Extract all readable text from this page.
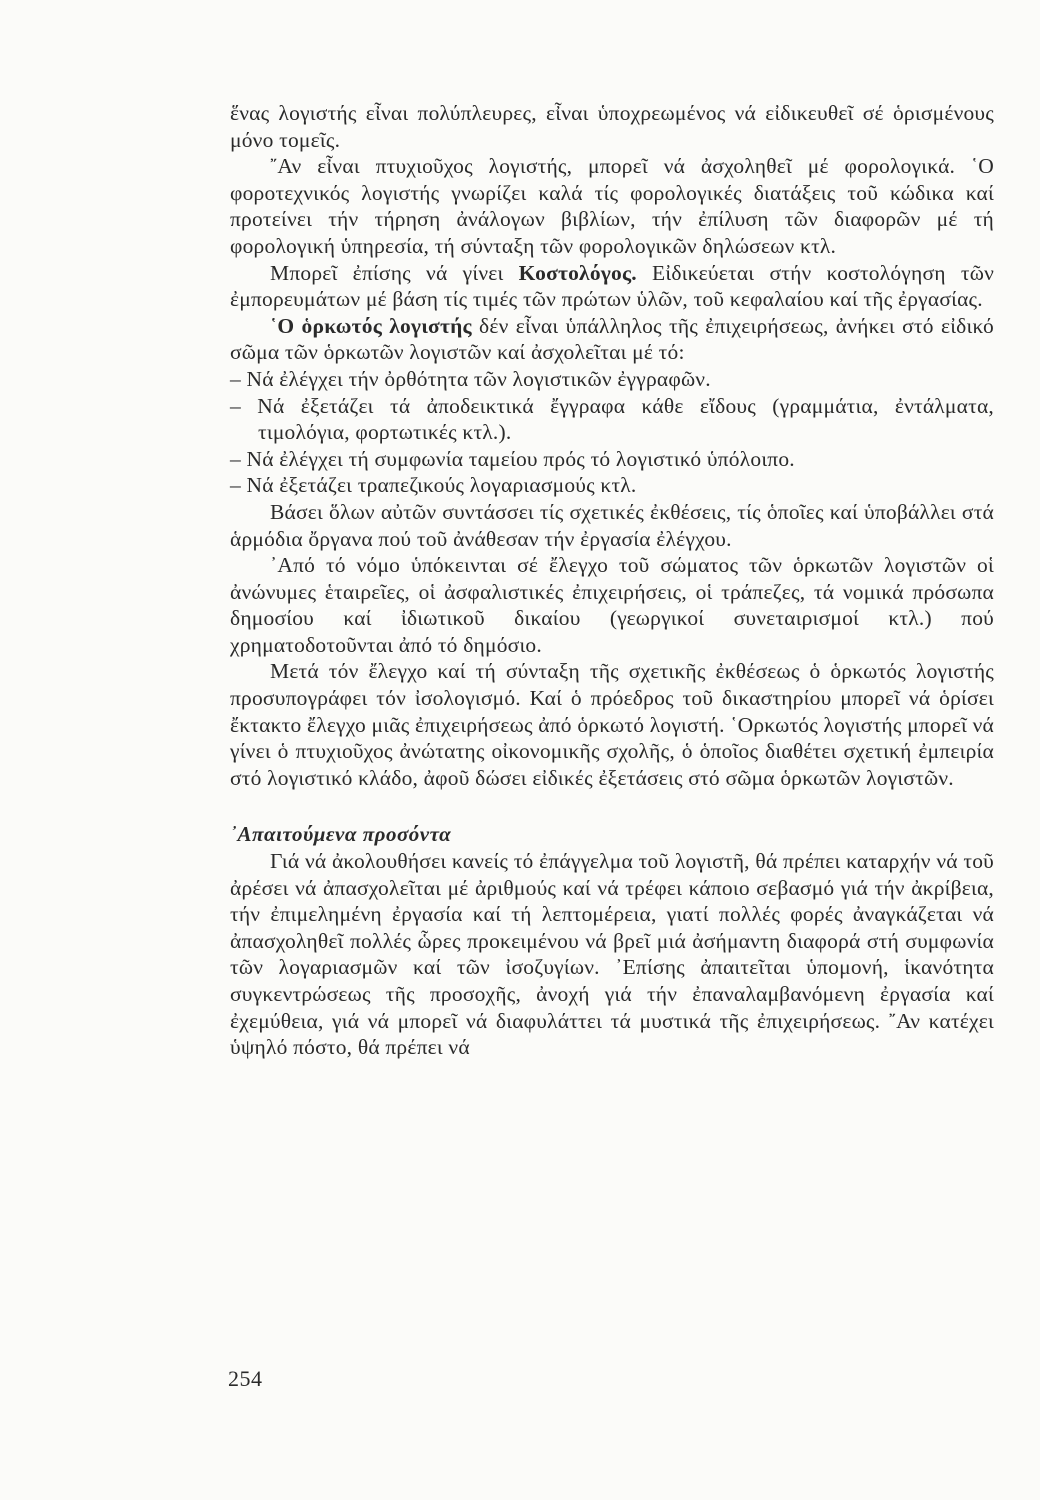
ἕνας λογιστής εἶναι πολύπλευρες, εἶναι ὑποχρεωμένος νά εἰδικευθεῖ σέ ὁρισμένους μόνο τομεῖς.

῎Αν εἶναι πτυχιοῦχος λογιστής, μπορεῖ νά ἀσχοληθεῖ μέ φορολογικά. ῾Ο φοροτεχνικός λογιστής γνωρίζει καλά τίς φορολογικές διατάξεις τοῦ κώδικα καί προτείνει τήν τήρηση ἀνάλογων βιβλίων, τήν ἐπίλυση τῶν διαφορῶν μέ τή φορολογική ὑπηρεσία, τή σύνταξη τῶν φορολογικῶν δηλώσεων κτλ.

Μπορεῖ ἐπίσης νά γίνει Κοστολόγος. Εἰδικεύεται στήν κοστολόγηση τῶν ἐμπορευμάτων μέ βάση τίς τιμές τῶν πρώτων ὑλῶν, τοῦ κεφαλαίου καί τῆς ἐργασίας.

῾Ο ὁρκωτός λογιστής δέν εἶναι ὑπάλληλος τῆς ἐπιχειρήσεως, ἀνήκει στό εἰδικό σῶμα τῶν ὁρκωτῶν λογιστῶν καί ἀσχολεῖται μέ τό:

– Νά ἐλέγχει τήν ὀρθότητα τῶν λογιστικῶν ἐγγραφῶν.

– Νά ἐξετάζει τά ἀποδεικτικά ἔγγραφα κάθε εἴδους (γραμμάτια, ἐντάλματα, τιμολόγια, φορτωτικές κτλ.).

– Νά ἐλέγχει τή συμφωνία ταμείου πρός τό λογιστικό ὑπόλοιπο.

– Νά ἐξετάζει τραπεζικούς λογαριασμούς κτλ.

Βάσει ὅλων αὐτῶν συντάσσει τίς σχετικές ἐκθέσεις, τίς ὁποῖες καί ὑποβάλλει στά ἁρμόδια ὄργανα πού τοῦ ἀνάθεσαν τήν ἐργασία ἐλέγχου.

᾿Από τό νόμο ὑπόκεινται σέ ἔλεγχο τοῦ σώματος τῶν ὁρκωτῶν λογιστῶν οἱ ἀνώνυμες ἑταιρεῖες, οἱ ἀσφαλιστικές ἐπιχειρήσεις, οἱ τράπεζες, τά νομικά πρόσωπα δημοσίου καί ἰδιωτικοῦ δικαίου (γεωργικοί συνεταιρισμοί κτλ.) πού χρηματοδοτοῦνται ἀπό τό δημόσιο.

Μετά τόν ἔλεγχο καί τή σύνταξη τῆς σχετικῆς ἐκθέσεως ὁ ὁρκωτός λογιστής προσυπογράφει τόν ἰσολογισμό. Καί ὁ πρόεδρος τοῦ δικαστηρίου μπορεῖ νά ὁρίσει ἔκτακτο ἔλεγχο μιᾶς ἐπιχειρήσεως ἀπό ὁρκωτό λογιστή. ῾Ορκωτός λογιστής μπορεῖ νά γίνει ὁ πτυχιοῦχος ἀνώτατης οἰκονομικῆς σχολῆς, ὁ ὁποῖος διαθέτει σχετική ἐμπειρία στό λογιστικό κλάδο, ἀφοῦ δώσει εἰδικές ἐξετάσεις στό σῶμα ὁρκωτῶν λογιστῶν.

᾿Απαιτούμενα προσόντα

Γιά νά ἀκολουθήσει κανείς τό ἐπάγγελμα τοῦ λογιστῆ, θά πρέπει καταρχήν νά τοῦ ἀρέσει νά ἀπασχολεῖται μέ ἀριθμούς καί νά τρέφει κάποιο σεβασμό γιά τήν ἀκρίβεια, τήν ἐπιμελημένη ἐργασία καί τή λεπτομέρεια, γιατί πολλές φορές ἀναγκάζεται νά ἀπασχοληθεῖ πολλές ὧρες προκειμένου νά βρεῖ μιά ἀσήμαντη διαφορά στή συμφωνία τῶν λογαριασμῶν καί τῶν ἰσοζυγίων. ᾿Επίσης ἀπαιτεῖται ὑπομονή, ἱκανότητα συγκεντρώσεως τῆς προσοχῆς, ἀνοχή γιά τήν ἐπαναλαμβανόμενη ἐργασία καί ἐχεμύθεια, γιά νά μπορεῖ νά διαφυλάττει τά μυστικά τῆς ἐπιχειρήσεως. ῎Αν κατέχει ὑψηλό πόστο, θά πρέπει νά

254
